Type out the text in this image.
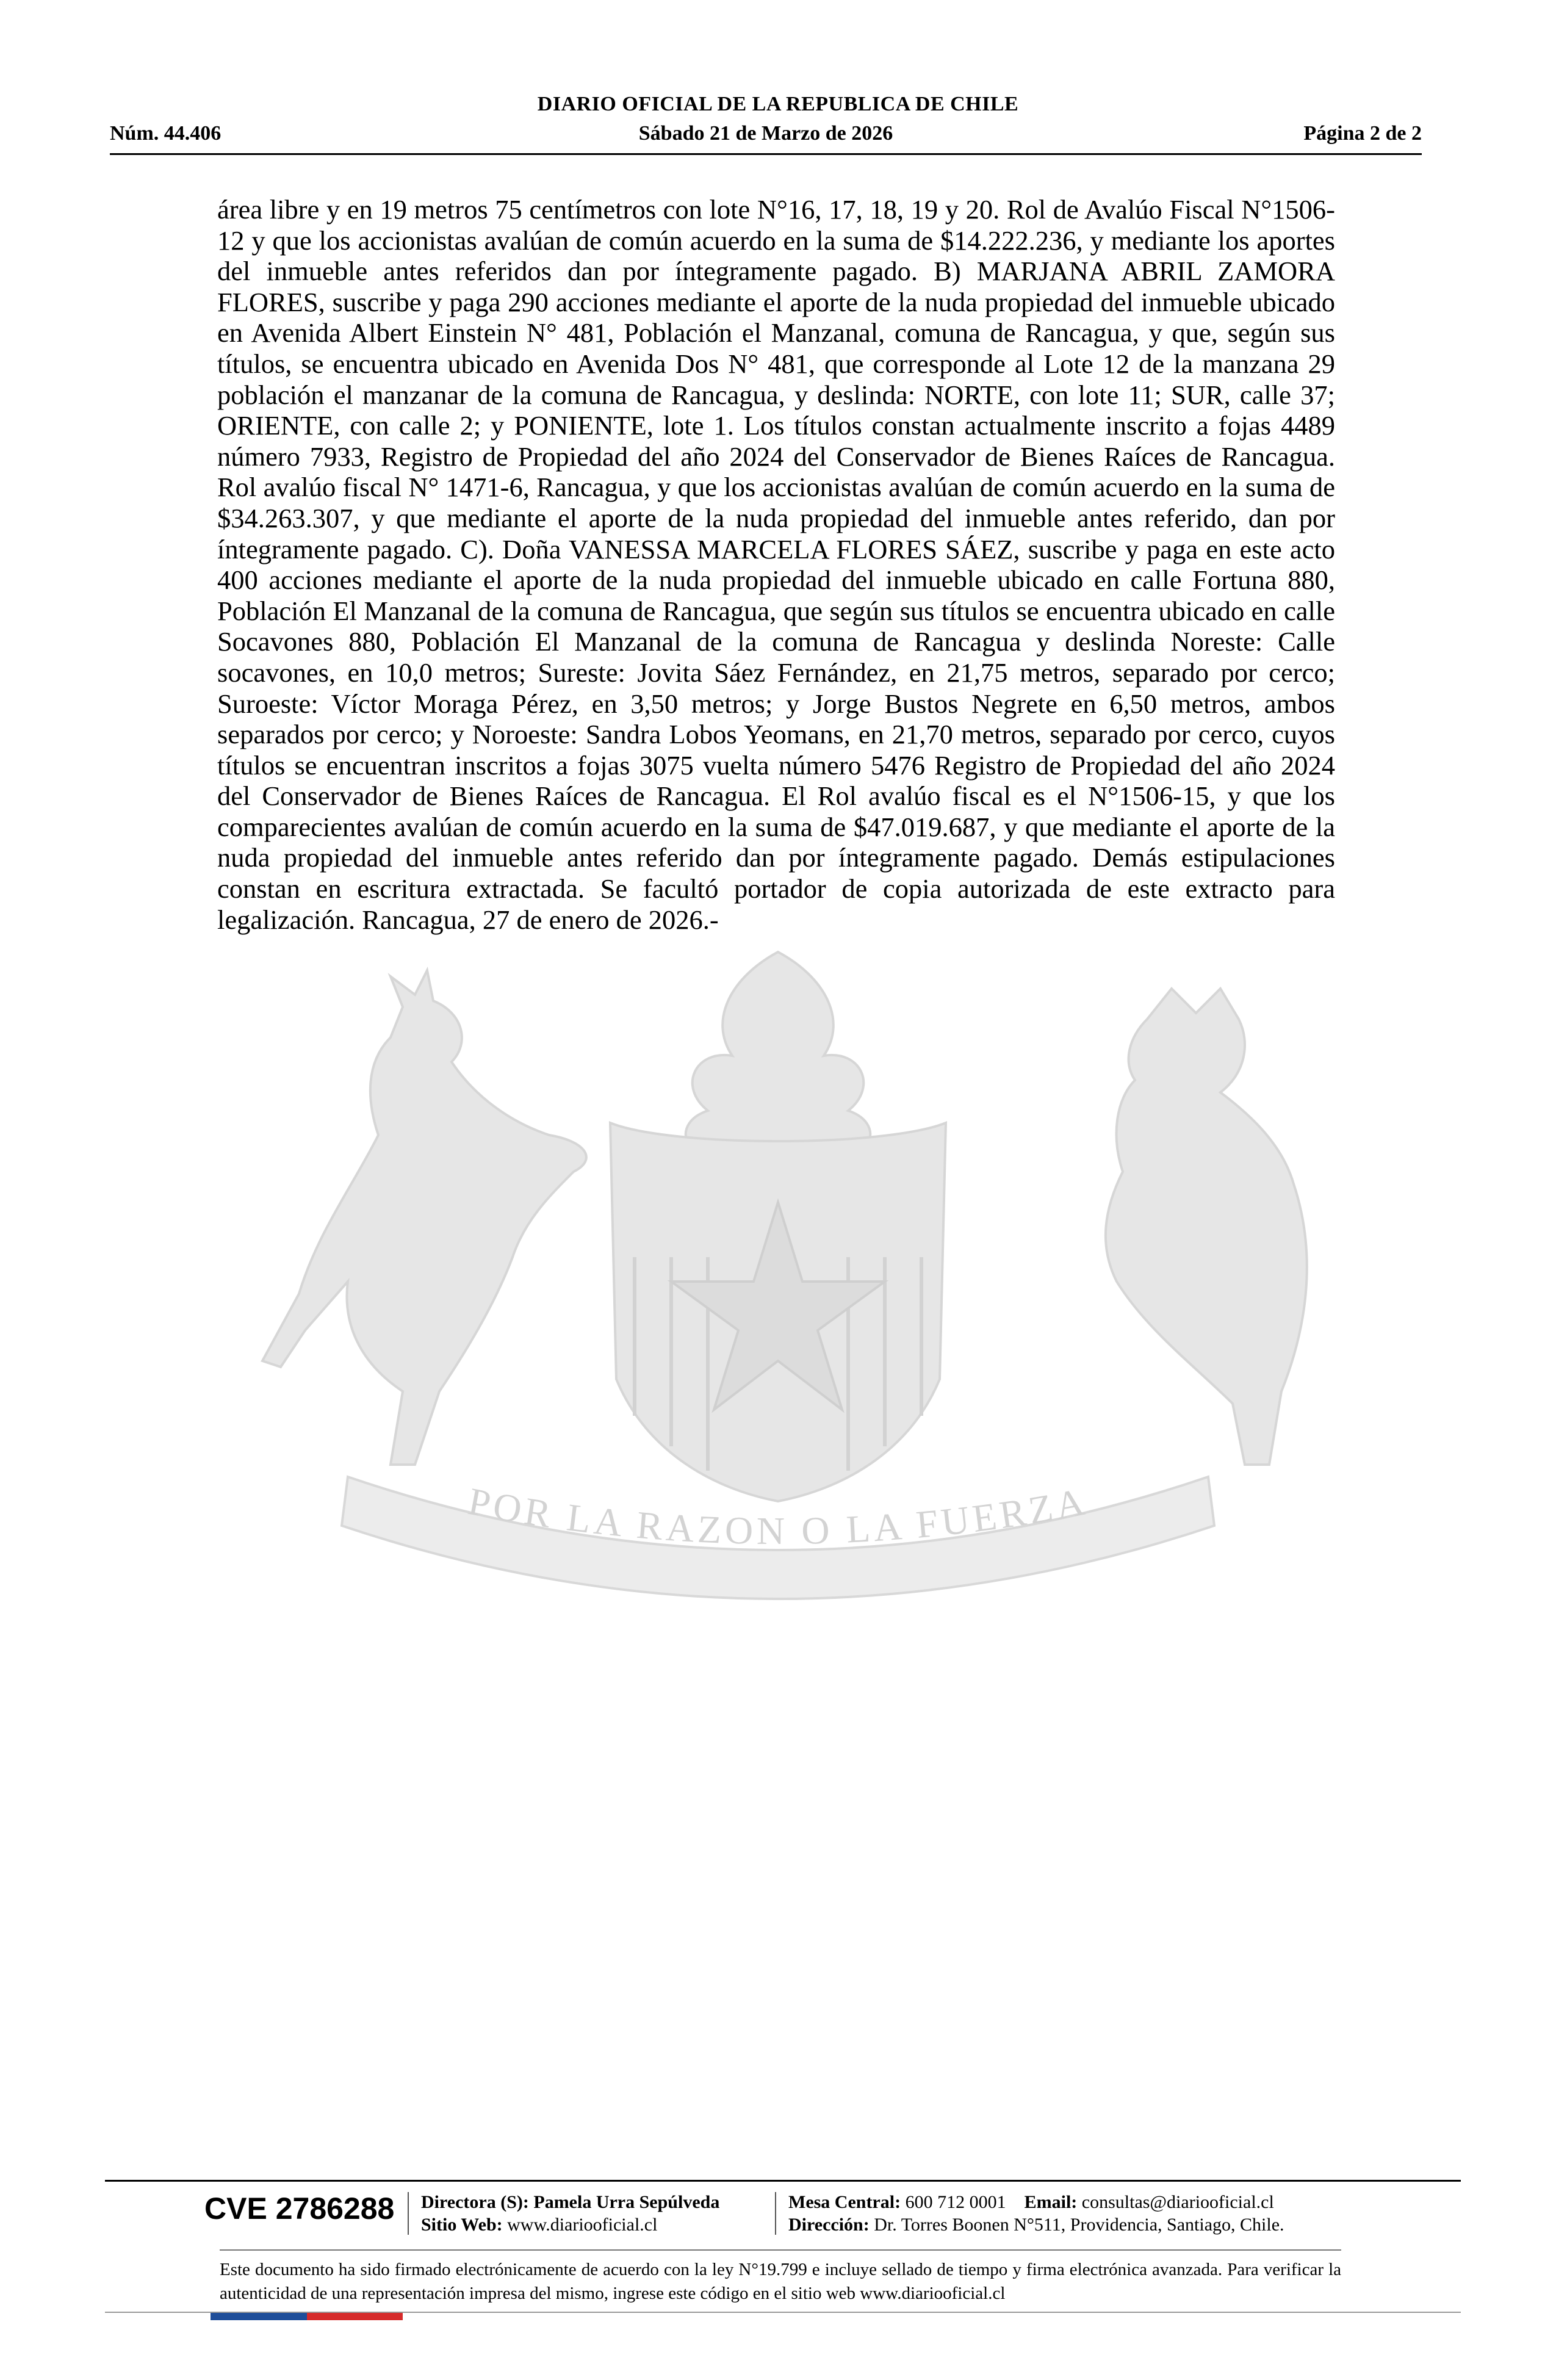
DIARIO OFICIAL DE LA REPUBLICA DE CHILE
Núm. 44.406	Sábado 21 de Marzo de 2026	Página 2 de 2
POR LA RAZON O LA FUERZA

área libre y en 19 metros 75 centímetros con lote N°16, 17, 18, 19 y 20. Rol de Avalúo Fiscal N°1506-12 y que los accionistas avalúan de común acuerdo en la suma de $14.222.236, y mediante los aportes del inmueble antes referidos dan por íntegramente pagado. B) MARJANA ABRIL ZAMORA FLORES, suscribe y paga 290 acciones mediante el aporte de la nuda propiedad del inmueble ubicado en Avenida Albert Einstein N° 481, Población el Manzanal, comuna de Rancagua, y que, según sus títulos, se encuentra ubicado en Avenida Dos N° 481, que corresponde al Lote 12 de la manzana 29 población el manzanar de la comuna de Rancagua, y deslinda: NORTE, con lote 11; SUR, calle 37; ORIENTE, con calle 2; y PONIENTE, lote 1. Los títulos constan actualmente inscrito a fojas 4489 número 7933, Registro de Propiedad del año 2024 del Conservador de Bienes Raíces de Rancagua. Rol avalúo fiscal N° 1471-6, Rancagua, y que los accionistas avalúan de común acuerdo en la suma de $34.263.307, y que mediante el aporte de la nuda propiedad del inmueble antes referido, dan por íntegramente pagado. C). Doña VANESSA MARCELA FLORES SÁEZ, suscribe y paga en este acto 400 acciones mediante el aporte de la nuda propiedad del inmueble ubicado en calle Fortuna 880, Población El Manzanal de la comuna de Rancagua, que según sus títulos se encuentra ubicado en calle Socavones 880, Población El Manzanal de la comuna de Rancagua y deslinda Noreste: Calle socavones, en 10,0 metros; Sureste: Jovita Sáez Fernández, en 21,75 metros, separado por cerco; Suroeste: Víctor Moraga Pérez, en 3,50 metros; y Jorge Bustos Negrete en 6,50 metros, ambos separados por cerco; y Noroeste: Sandra Lobos Yeomans, en 21,70 metros, separado por cerco, cuyos títulos se encuentran inscritos a fojas 3075 vuelta número 5476 Registro de Propiedad del año 2024 del Conservador de Bienes Raíces de Rancagua. El Rol avalúo fiscal es el N°1506-15, y que los comparecientes avalúan de común acuerdo en la suma de $47.019.687, y que mediante el aporte de la nuda propiedad del inmueble antes referido dan por íntegramente pagado. Demás estipulaciones constan en escritura extractada. Se facultó portador de copia autorizada de este extracto para legalización. Rancagua, 27 de enero de 2026.-

CVE 2786288 Directora (S): Pamela Urra Sepúlveda
Sitio Web: www.diariooficial.cl
Mesa Central: 600 712 0001 Email: consultas@diariooficial.cl
Dirección: Dr. Torres Boonen N°511, Providencia, Santiago, Chile.
Este documento ha sido firmado electrónicamente de acuerdo con la ley N°19.799 e incluye sellado de tiempo y firma electrónica avanzada. Para verificar la autenticidad de una representación impresa del mismo, ingrese este código en el sitio web www.diariooficial.cl
